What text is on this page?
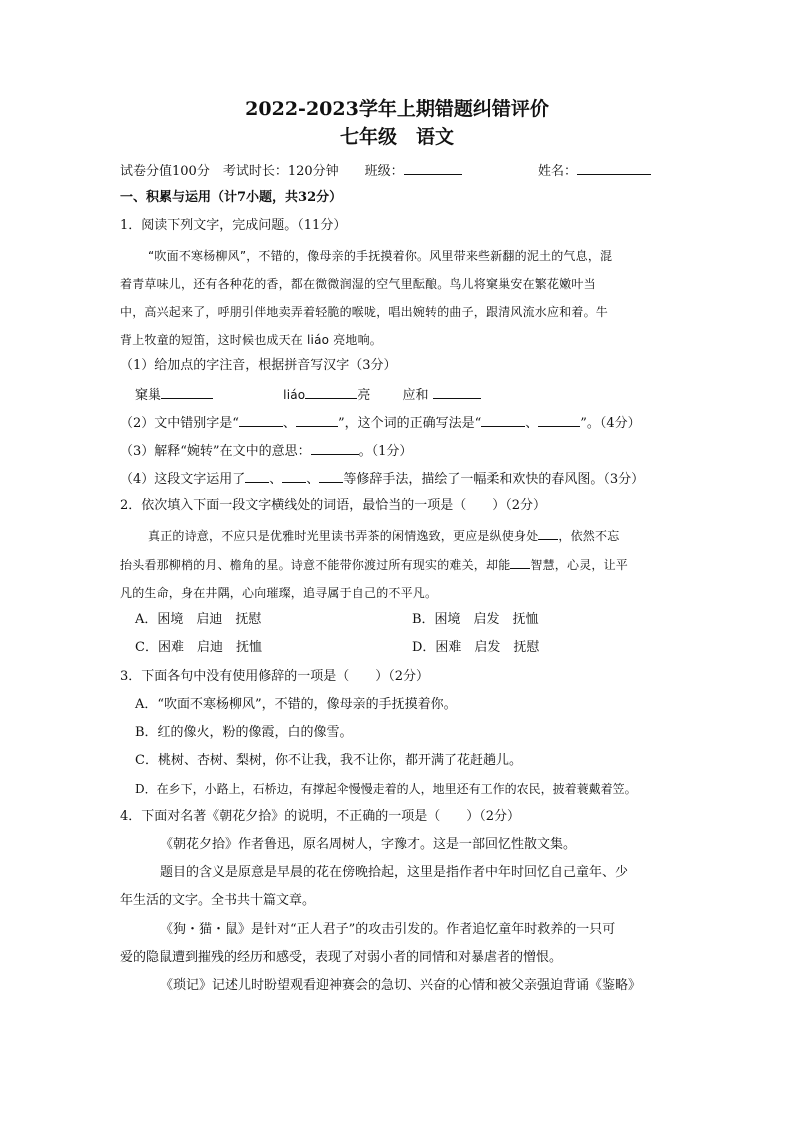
2022-2023学年上期错题纠错评价
七年级　语文
试卷分值100分　考试时长：120分钟　　班级：	姓名：
一、积累与运用（计7小题，共32分）
1．阅读下列文字，完成问题。（11分）
“吹面不寒杨柳风”，不错的，像母亲的手抚摸着你。风里带来些新翻的泥土的气息，混
着青草味儿，还有各种花的香，都在微微润湿的空气里酝酿。鸟儿将窠巢安在繁花嫩叶当
中，高兴起来了，呼朋引伴地卖弄着轻脆的喉咙，唱出婉转的曲子，跟清风流水应和着。牛
背上牧童的短笛，这时候也成天在 liáo 亮地响。
（1）给加点的字注音，根据拼音写汉字（3分）
窠巢	liáo	亮 应和
（2）文中错别字是“	、	”，这个词的正确写法是“	、	”。（4分）
（3）解释“婉转”在文中的意思：	。（1分）
（4）这段文字运用了 、 、 等修辞手法，描绘了一幅柔和欢快的春风图。（3分）
2．依次填入下面一段文字横线处的词语，最恰当的一项是（　　）（2分）
真正的诗意，不应只是优雅时光里读书弄茶的闲情逸致，更应是纵使身处 ，依然不忘
抬头看那柳梢的月、檐角的星。诗意不能带你渡过所有现实的难关，却能 智慧，心灵，让平
凡的生命，身在井隅，心向璀璨，追寻属于自己的不平凡。
A．困境　启迪　抚慰	B．困境　启发　抚恤
C．困难　启迪　抚恤	D．困难　启发　抚慰
3．下面各句中没有使用修辞的一项是（　　）（2分）
A．“吹面不寒杨柳风”，不错的，像母亲的手抚摸着你。
B．红的像火，粉的像霞，白的像雪。
C．桃树、杏树、梨树，你不让我，我不让你，都开满了花赶趟儿。
D．在乡下，小路上，石桥边，有撑起伞慢慢走着的人，地里还有工作的农民，披着蓑戴着笠。
4．下面对名著《朝花夕拾》的说明，不正确的一项是（　　）（2分）
《朝花夕拾》作者鲁迅，原名周树人，字豫才。这是一部回忆性散文集。
题目的含义是原意是早晨的花在傍晚拾起，这里是指作者中年时回忆自己童年、少
年生活的文字。全书共十篇文章。
《狗・猫・鼠》是针对“正人君子”的攻击引发的。作者追忆童年时救养的一只可
爱的隐鼠遭到摧残的经历和感受，表现了对弱小者的同情和对暴虐者的憎恨。
《琐记》记述儿时盼望观看迎神赛会的急切、兴奋的心情和被父亲强迫背诵《鉴略》
